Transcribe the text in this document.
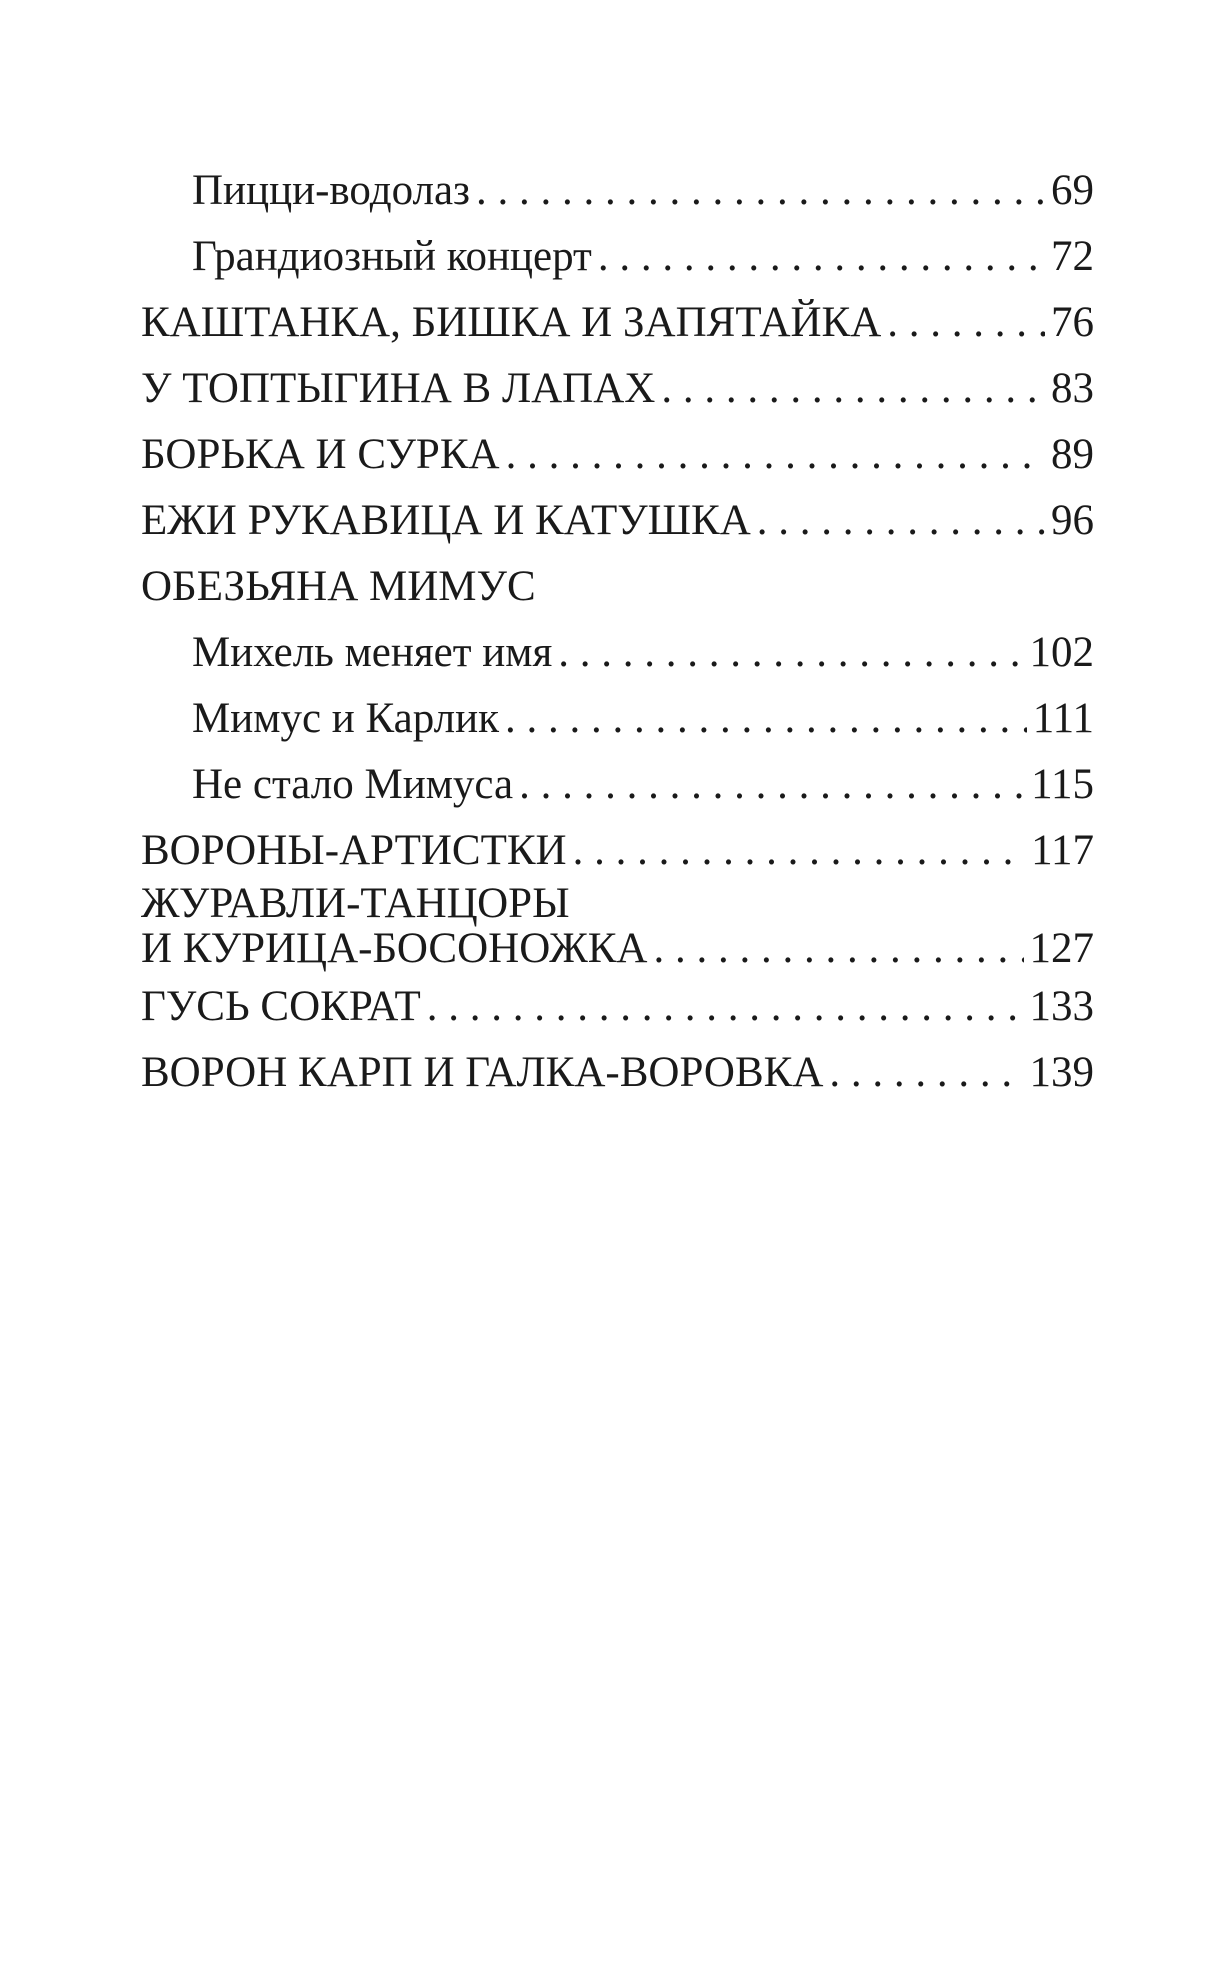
Пицци-водолаз . . .	69
Грандиозный концерт . . .	72
КАШТАНКА, БИШКА И ЗАПЯТАЙКА . . .	76
У ТОПТЫГИНА В ЛАПАХ . . .	83
БОРЬКА И СУРКА . . .	89
ЕЖИ РУКАВИЦА И КАТУШКА . . .	96
ОБЕЗЬЯНА МИМУС
Михель меняет имя . . .	102
Мимус и Карлик . . .	111
Не стало Мимуса . . .	115
ВОРОНЫ-АРТИСТКИ . . .	117
ЖУРАВЛИ-ТАНЦОРЫ
И КУРИЦА-БОСОНОЖКА . . .	127
ГУСЬ СОКРАТ . . .	133
ВОРОН КАРП И ГАЛКА-ВОРОВКА . . .	139
